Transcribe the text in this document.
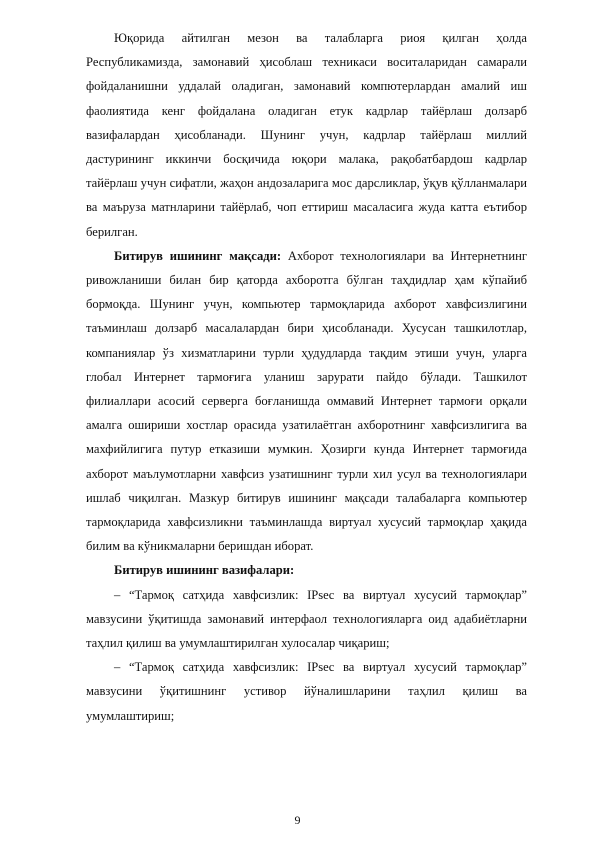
Юқорида айтилган мезон ва талабларга риоя қилган ҳолда Республикамизда, замонавий ҳисоблаш техникаси воситаларидан самарали фойдаланишни уддалай оладиган, замонавий компютерлардан амалий иш фаолиятида кенг фойдалана оладиган етук кадрлар тайёрлаш долзарб вазифалардан ҳисобланади. Шунинг учун, кадрлар тайёрлаш миллий дастурининг иккинчи босқичида юқори малака, рақобатбардош кадрлар тайёрлаш учун сифатли, жаҳон андозаларига мос дарсликлар, ўқув қўлланмалари ва маъруза матнларини тайёрлаб, чоп еттириш масаласига жуда катта еътибор берилган.

Битирув ишининг мақсади: Ахборот технологиялари ва Интернетнинг ривожланиши билан бир қаторда ахборотга бўлган таҳдидлар ҳам кўпайиб бормоқда. Шунинг учун, компьютер тармоқларида ахборот хавфсизлигини таъминлаш долзарб масалалардан бири ҳисобланади. Хусусан ташкилотлар, компаниялар ўз хизматларини турли ҳудудларда тақдим этиши учун, уларга глобал Интернет тармоғига уланиш зарурати пайдо бўлади. Ташкилот филиаллари асосий серверга боғланишда оммавий Интернет тармоғи орқали амалга ошириши хостлар орасида узатилаётган ахборотнинг хавфсизлигига ва махфийлигига путур етказиши мумкин. Ҳозирги кунда Интернет тармоғида ахборот маълумотларни хавфсиз узатишнинг турли хил усул ва технологиялари ишлаб чиқилган. Мазкур битирув ишининг мақсади талабаларга компьютер тармоқларида хавфсизликни таъминлашда виртуал хусусий тармоқлар ҳақида билим ва кўникмаларни беришдан иборат.

Битирув ишининг вазифалари:

– “Тармоқ сатҳида хавфсизлик: IPsec ва виртуал хусусий тармоқлар” мавзусини ўқитишда замонавий интерфаол технологияларга оид адабиётларни таҳлил қилиш ва умумлаштирилган хулосалар чиқариш;

– “Тармоқ сатҳида хавфсизлик: IPsec ва виртуал хусусий тармоқлар” мавзусини ўқитишнинг устивор йўналишларини таҳлил қилиш ва умумлаштириш;

9
